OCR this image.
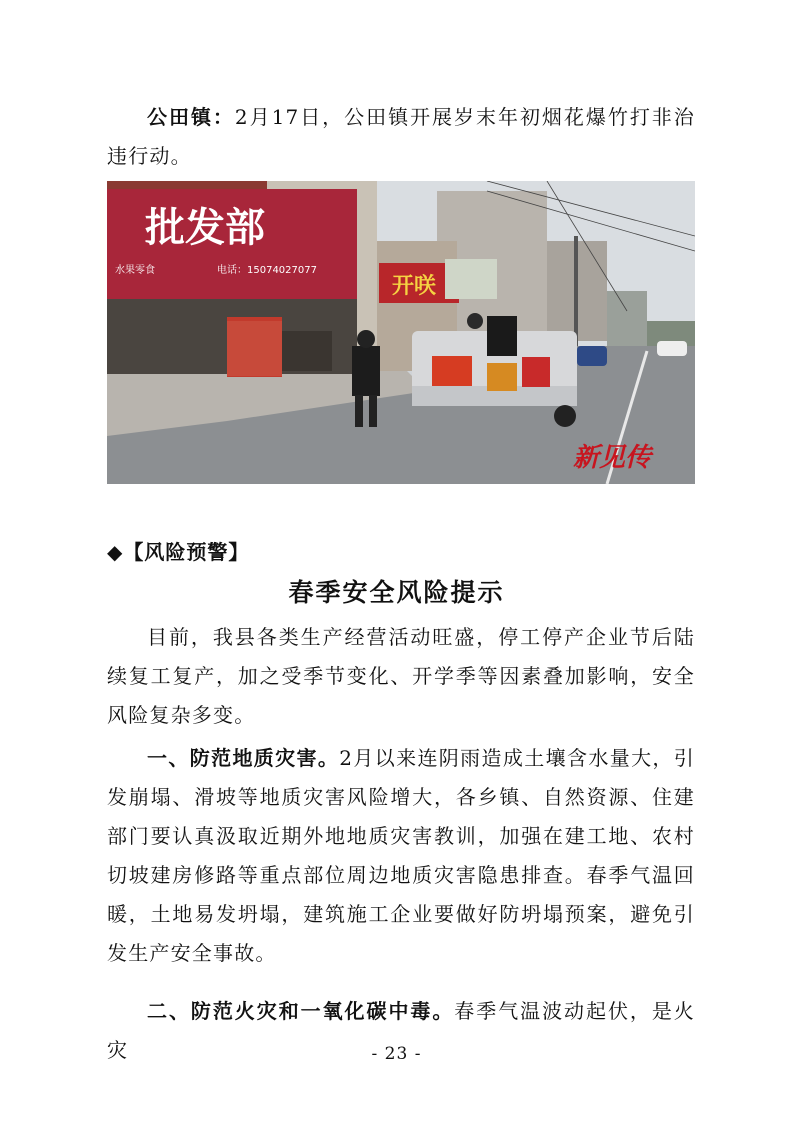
公田镇：2月17日，公田镇开展岁末年初烟花爆竹打非治违行动。

批发部
水果零食	电话：15074027077
开咲
新见传
◆【风险预警】
春季安全风险提示

目前，我县各类生产经营活动旺盛，停工停产企业节后陆续复工复产，加之受季节变化、开学季等因素叠加影响，安全风险复杂多变。

一、防范地质灾害。2月以来连阴雨造成土壤含水量大，引发崩塌、滑坡等地质灾害风险增大，各乡镇、自然资源、住建部门要认真汲取近期外地地质灾害教训，加强在建工地、农村切坡建房修路等重点部位周边地质灾害隐患排查。春季气温回暖，土地易发坍塌，建筑施工企业要做好防坍塌预案，避免引发生产安全事故。

二、防范火灾和一氧化碳中毒。春季气温波动起伏，是火灾	- 23 -
